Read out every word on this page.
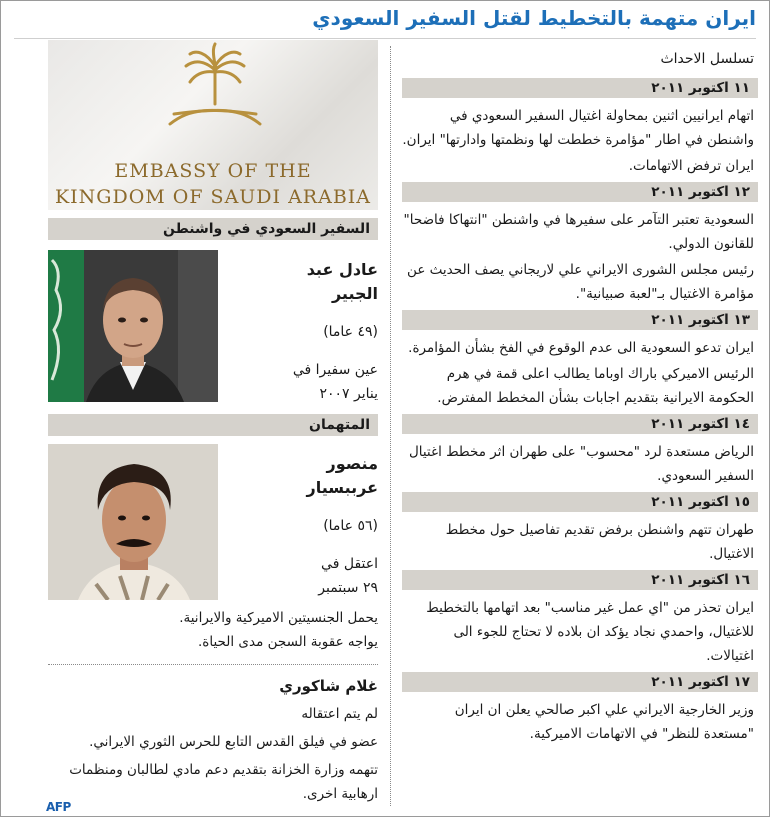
ايران متهمة بالتخطيط لقتل السفير السعودي
تسلسل الاحداث
١١ اكتوبر ٢٠١١

اتهام ايرانيين اثنين بمحاولة اغتيال السفير السعودي في واشنطن في اطار "مؤامرة خططت لها ونظمتها وادارتها" ايران.

ايران ترفض الاتهامات.

١٢ اكتوبر ٢٠١١

السعودية تعتبر التآمر على سفيرها في واشنطن "انتهاكا فاضحا" للقانون الدولي.

رئيس مجلس الشورى الايراني علي لاريجاني يصف الحديث عن مؤامرة الاغتيال بـ"لعبة صبيانية".

١٣ اكتوبر ٢٠١١

ايران تدعو السعودية الى عدم الوقوع في الفخ بشأن المؤامرة.

الرئيس الاميركي باراك اوباما يطالب اعلى قمة في هرم الحكومة الايرانية بتقديم اجابات بشأن المخطط المفترض.

١٤ اكتوبر ٢٠١١

الرياض مستعدة لرد "محسوب" على طهران اثر مخطط اغتيال السفير السعودي.

١٥ اكتوبر ٢٠١١

طهران تتهم واشنطن برفض تقديم تفاصيل حول مخطط الاغتيال.

١٦ اكتوبر ٢٠١١

ايران تحذر من "اي عمل غير مناسب" بعد اتهامها بالتخطيط للاغتيال، واحمدي نجاد يؤكد ان بلاده لا تحتاج للجوء الى اغتيالات.

١٧ اكتوبر ٢٠١١

وزير الخارجية الايراني علي اكبر صالحي يعلن ان ايران "مستعدة للنظر" في الاتهامات الاميركية.

EMBASSY OF THE
KINGDOM OF SAUDI ARABIA
السفير السعودي في واشنطن
عادل عبد
الجبير
(٤٩ عاما)
عين سفيرا في
يناير ٢٠٠٧
المتهمان
منصور
عرببسيار
(٥٦ عاما)
اعتقل في
٢٩ سبتمبر

يحمل الجنسيتين الاميركية والايرانية.

يواجه عقوبة السجن مدى الحياة.

غلام شاكوري

لم يتم اعتقاله

عضو في فيلق القدس التابع للحرس الثوري الايراني.

تتهمه وزارة الخزانة بتقديم دعم مادي لطالبان ومنظمات ارهابية اخرى.

AFP
